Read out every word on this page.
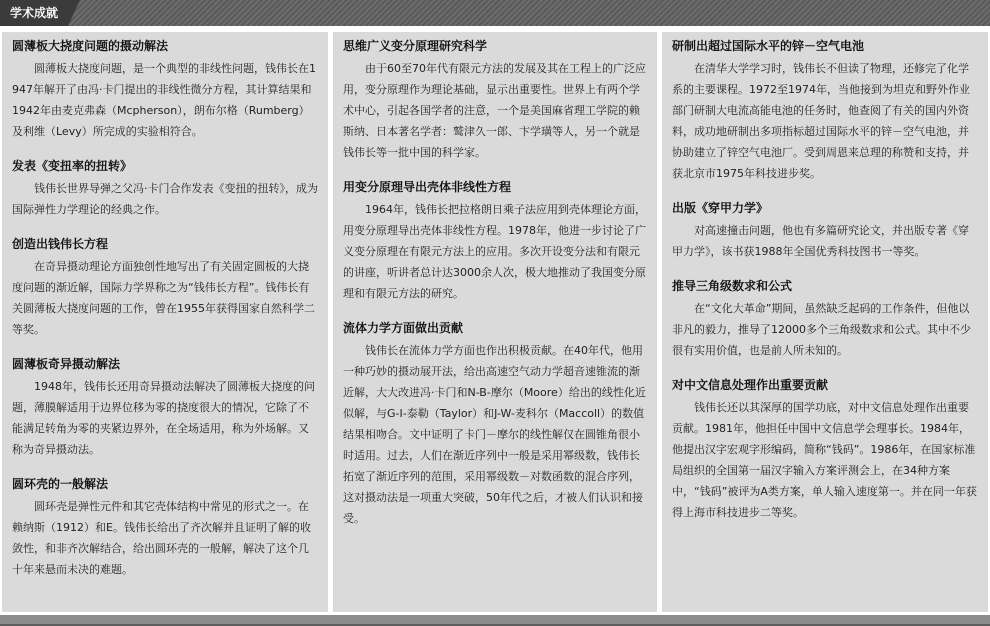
学术成就
圆薄板大挠度问题的摄动解法

圆薄板大挠度问题，是一个典型的非线性问题，钱伟长在1947年解开了由冯·卡门提出的非线性微分方程，其计算结果和1942年由麦克弗森（Mcpherson），朗布尔格（Rumberg）及利维（Levy）所完成的实验相符合。

发表《变扭率的扭转》

钱伟长世界导弹之父冯·卡门合作发表《变扭的扭转》，成为国际弹性力学理论的经典之作。

创造出钱伟长方程

在奇异摄动理论方面独创性地写出了有关固定圆板的大挠度问题的渐近解，国际力学界称之为“钱伟长方程”。钱伟长有关圆薄板大挠度问题的工作，曾在1955年获得国家自然科学二等奖。

圆薄板奇异摄动解法

1948年，钱伟长还用奇异摄动法解决了圆薄板大挠度的问题，薄膜解适用于边界位移为零的挠度很大的情况，它除了不能满足转角为零的夹紧边界外，在全场适用，称为外场解。又称为奇异摄动法。

圆环壳的一般解法

圆环壳是弹性元件和其它壳体结构中常见的形式之一。在赖纳斯（1912）和E。钱伟长给出了齐次解并且证明了解的收敛性，和非齐次解结合，给出圆环壳的一般解，解决了这个几十年来悬而未决的难题。

思维广义变分原理研究科学

由于60至70年代有限元方法的发展及其在工程上的广泛应用，变分原理作为理论基础，显示出重要性。世界上有两个学术中心，引起各国学者的注意，一个是美国麻省理工学院的赖斯纳、日本著名学者：鹫津久一郎、卞学璜等人，另一个就是钱伟长等一批中国的科学家。

用变分原理导出壳体非线性方程

1964年，钱伟长把拉格朗日乘子法应用到壳体理论方面，用变分原理导出壳体非线性方程。1978年，他进一步讨论了广义变分原理在有限元方法上的应用。多次开设变分法和有限元的讲座，听讲者总计达3000余人次，极大地推动了我国变分原理和有限元方法的研究。

流体力学方面做出贡献

钱伟长在流体力学方面也作出积极贡献。在40年代，他用一种巧妙的摄动展开法，给出高速空气动力学超音速锥流的渐近解，大大改进冯·卡门和N-B-摩尔（Moore）给出的线性化近似解，与G-I-泰勒（Taylor）和J-W-麦科尔（Maccoll）的数值结果相吻合。文中证明了卡门－摩尔的线性解仅在圆锥角很小时适用。过去，人们在渐近序列中一般是采用幂级数，钱伟长拓宽了渐近序列的范围，采用幂级数－对数函数的混合序列，这对摄动法是一项重大突破，50年代之后，才被人们认识和接受。

研制出超过国际水平的锌－空气电池

在清华大学学习时，钱伟长不但读了物理，还修完了化学系的主要课程。1972至1974年，当他接到为坦克和野外作业部门研制大电流高能电池的任务时，他查阅了有关的国内外资料，成功地研制出多项指标超过国际水平的锌－空气电池，并协助建立了锌空气电池厂。受到周恩来总理的称赞和支持，并获北京市1975年科技进步奖。

出版《穿甲力学》

对高速撞击问题，他也有多篇研究论文，并出版专著《穿甲力学》，该书获1988年全国优秀科技图书一等奖。

推导三角级数求和公式

在“文化大革命”期间，虽然缺乏起码的工作条件，但他以非凡的毅力，推导了12000多个三角级数求和公式。其中不少很有实用价值，也是前人所未知的。

对中文信息处理作出重要贡献

钱伟长还以其深厚的国学功底，对中文信息处理作出重要贡献。1981年，他担任中国中文信息学会理事长。1984年，他提出汉字宏观字形编码，简称“钱码”。1986年，在国家标准局组织的全国第一届汉字输入方案评测会上，在34种方案中，“钱码”被评为A类方案，单人输入速度第一。并在同一年获得上海市科技进步二等奖。
